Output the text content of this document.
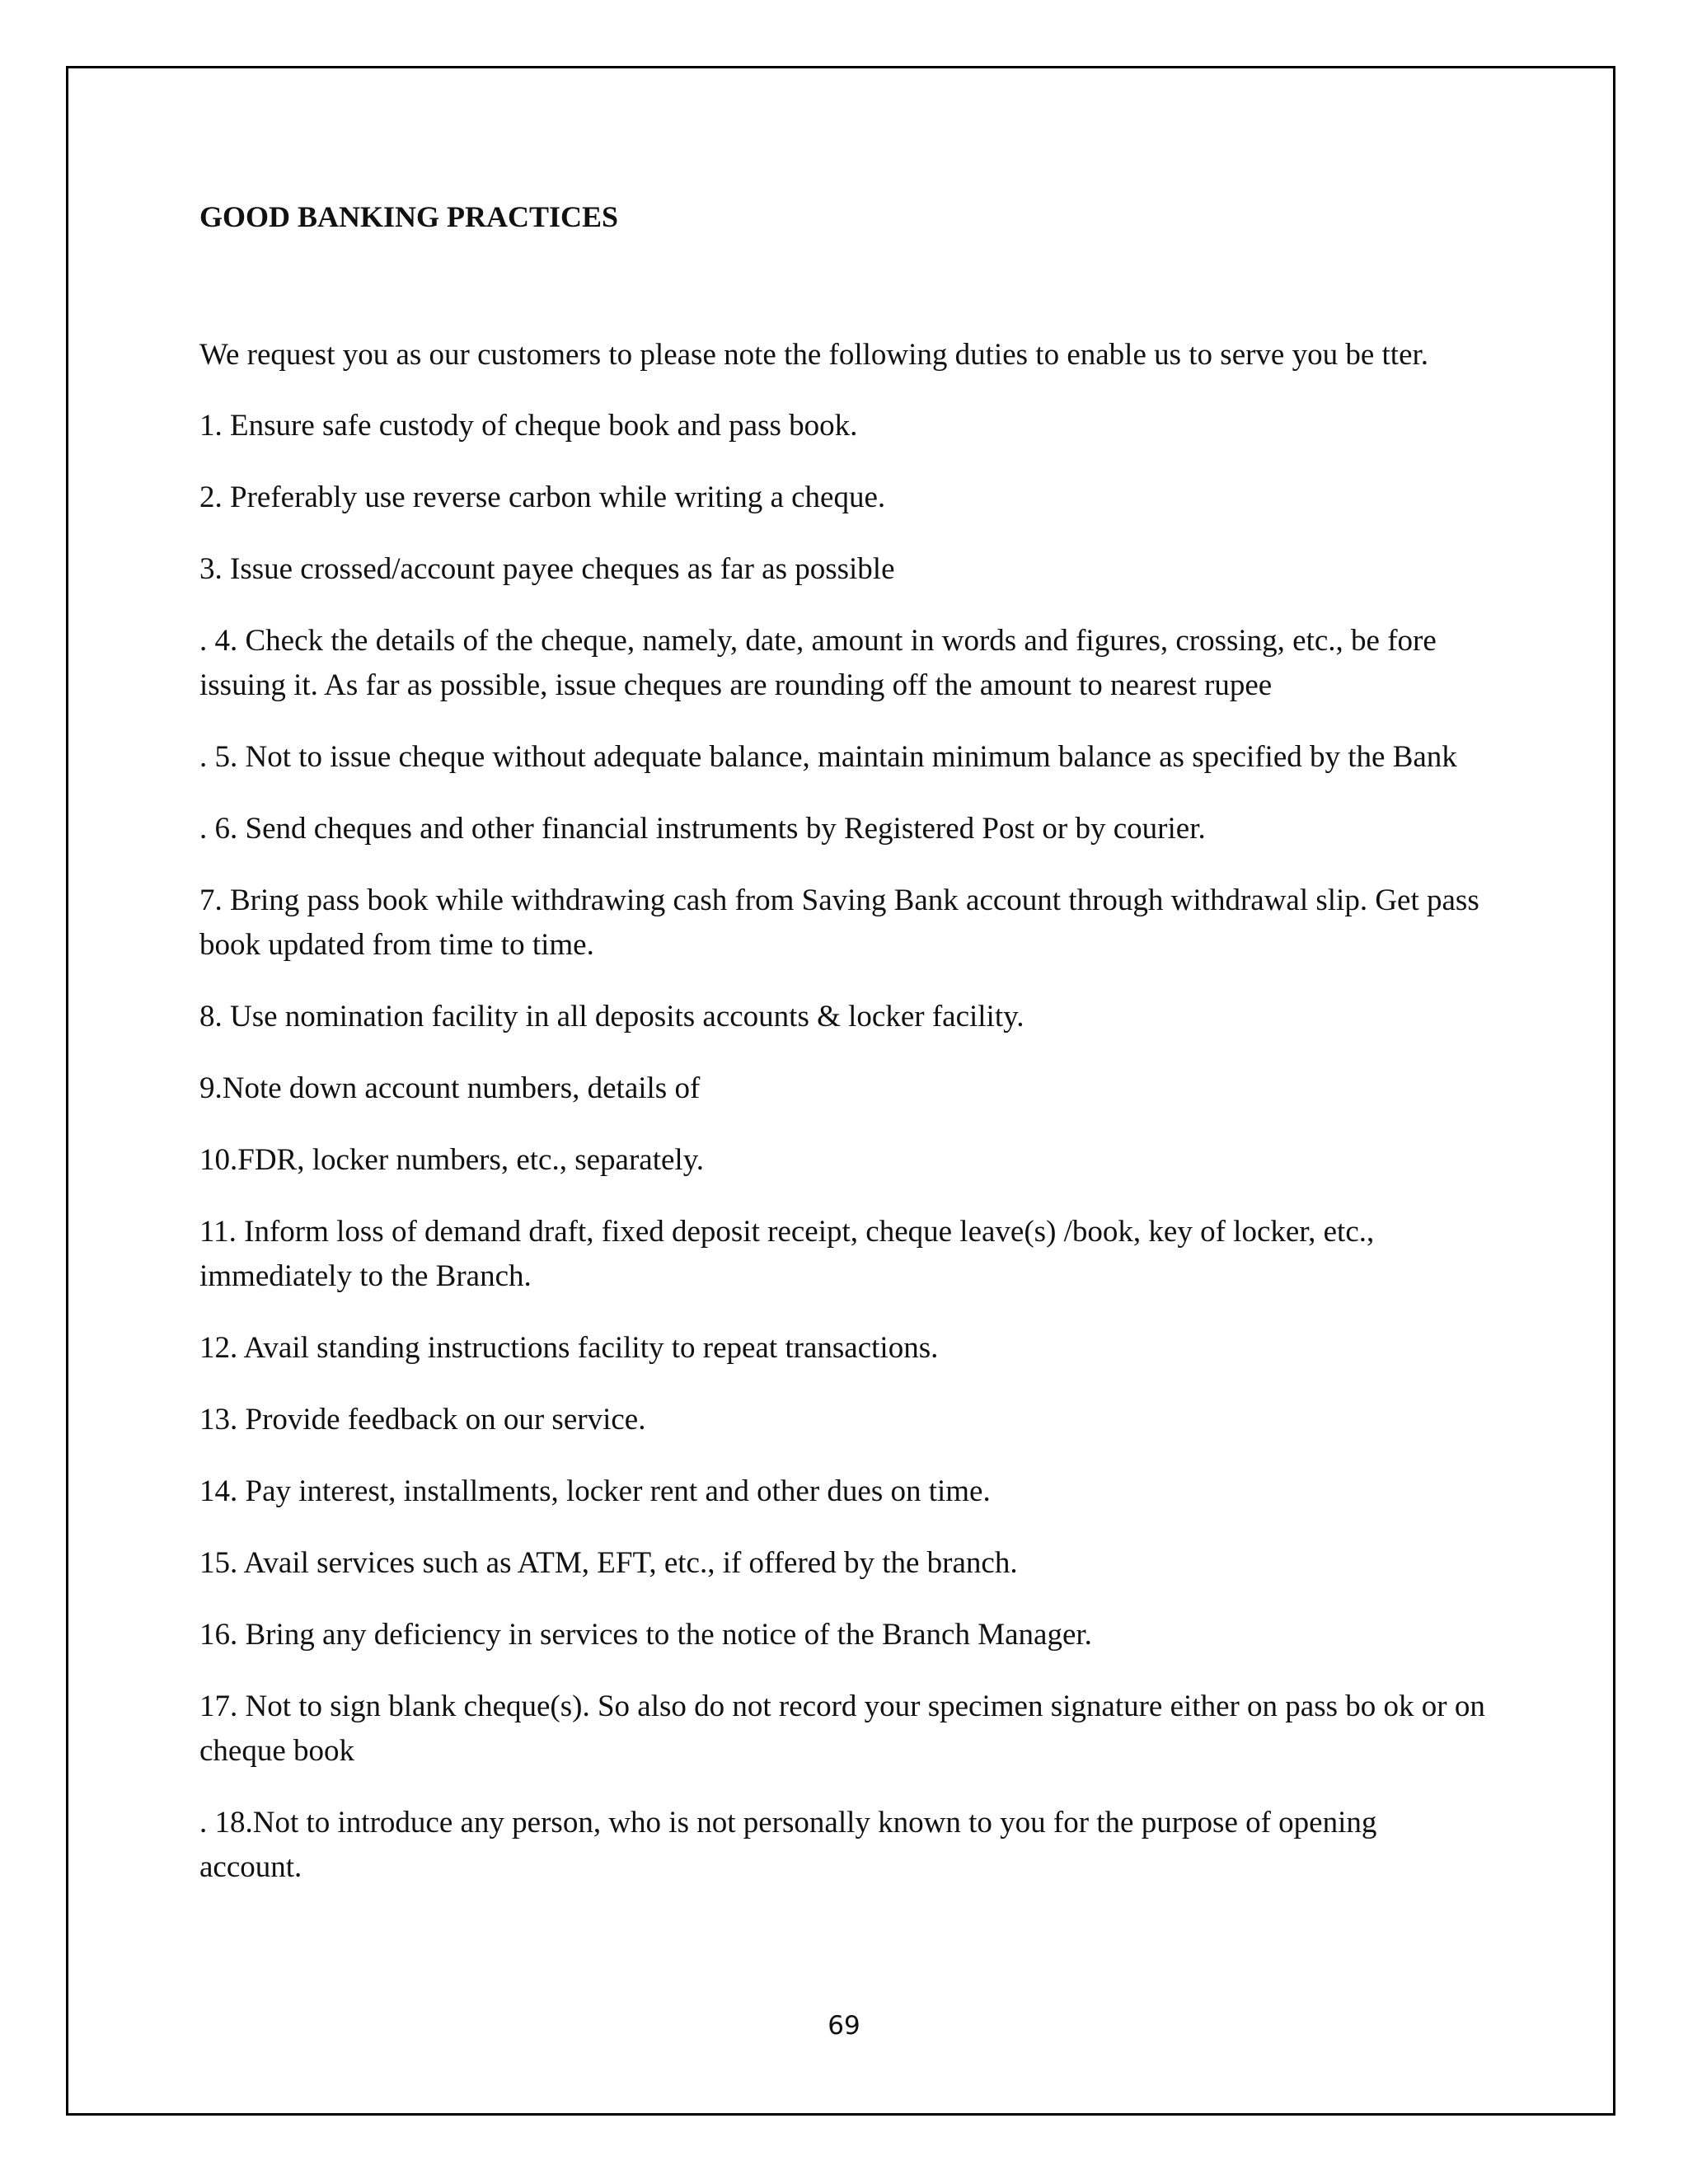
GOOD BANKING PRACTICES
We request you as our customers to please note the following duties to enable us to serve you be tter.
1. Ensure safe custody of cheque book and pass book.
2. Preferably use reverse carbon while writing a cheque.
3. Issue crossed/account payee cheques as far as possible
. 4. Check the details of the cheque, namely, date, amount in words and figures, crossing, etc., be fore issuing it. As far as possible, issue cheques are rounding off the amount to nearest rupee
. 5. Not to issue cheque without adequate balance, maintain minimum balance as specified by the Bank
. 6. Send cheques and other financial instruments by Registered Post or by courier.
7. Bring pass book while withdrawing cash from Saving Bank account through withdrawal slip. Get pass book updated from time to time.
8. Use nomination facility in all deposits accounts & locker facility.
9.Note down account numbers, details of
10.FDR, locker numbers, etc., separately.
11. Inform loss of demand draft, fixed deposit receipt, cheque leave(s) /book, key of locker, etc., immediately to the Branch.
12. Avail standing instructions facility to repeat transactions.
13. Provide feedback on our service.
14. Pay interest, installments, locker rent and other dues on time.
15. Avail services such as ATM, EFT, etc., if offered by the branch.
16. Bring any deficiency in services to the notice of the Branch Manager.
17. Not to sign blank cheque(s). So also do not record your specimen signature either on pass bo ok or on cheque book
. 18.Not to introduce any person, who is not personally known to you for the purpose of opening account.
69
